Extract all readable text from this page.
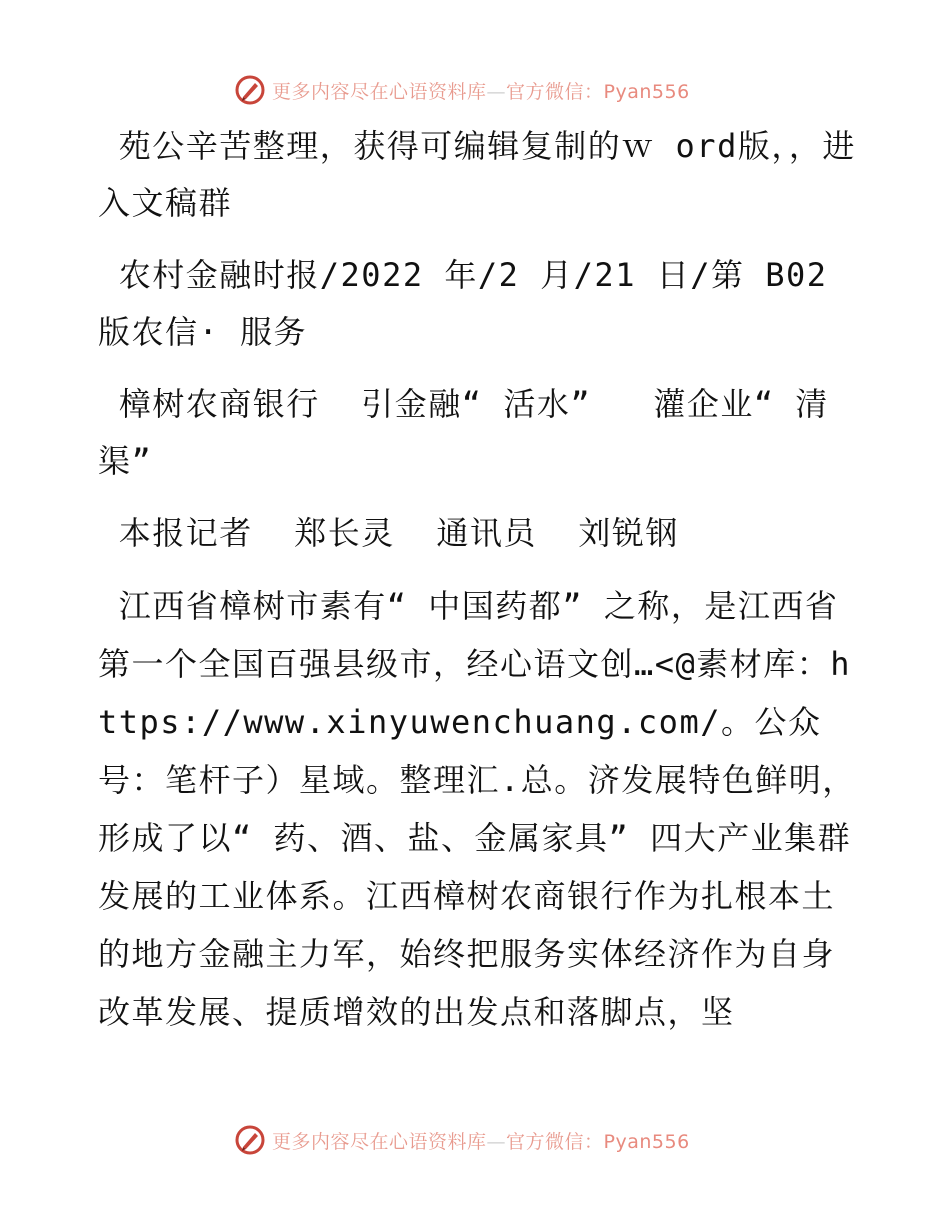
更多内容尽在心语资料库—官方微信：Pyan556

苑公辛苦整理，获得可编辑复制的ｗ ord版，，进入文稿群

农村金融时报/2022 年/2 月/21 日/第 B02 版农信· 服务

樟树农商银行  引金融“ 活水”   灌企业“ 清渠”

本报记者  郑长灵  通讯员  刘锐钢

江西省樟树市素有“ 中国药都” 之称，是江西省第一个全国百强县级市，经心语文创…<@素材库：https://www.xinyuwenchuang.com/。公众号：笔杆子）星域。整理汇.总。济发展特色鲜明，形成了以“ 药、酒、盐、金属家具” 四大产业集群发展的工业体系。江西樟树农商银行作为扎根本土的地方金融主力军，始终把服务实体经济作为自身改革发展、提质增效的出发点和落脚点，坚

更多内容尽在心语资料库—官方微信：Pyan556
